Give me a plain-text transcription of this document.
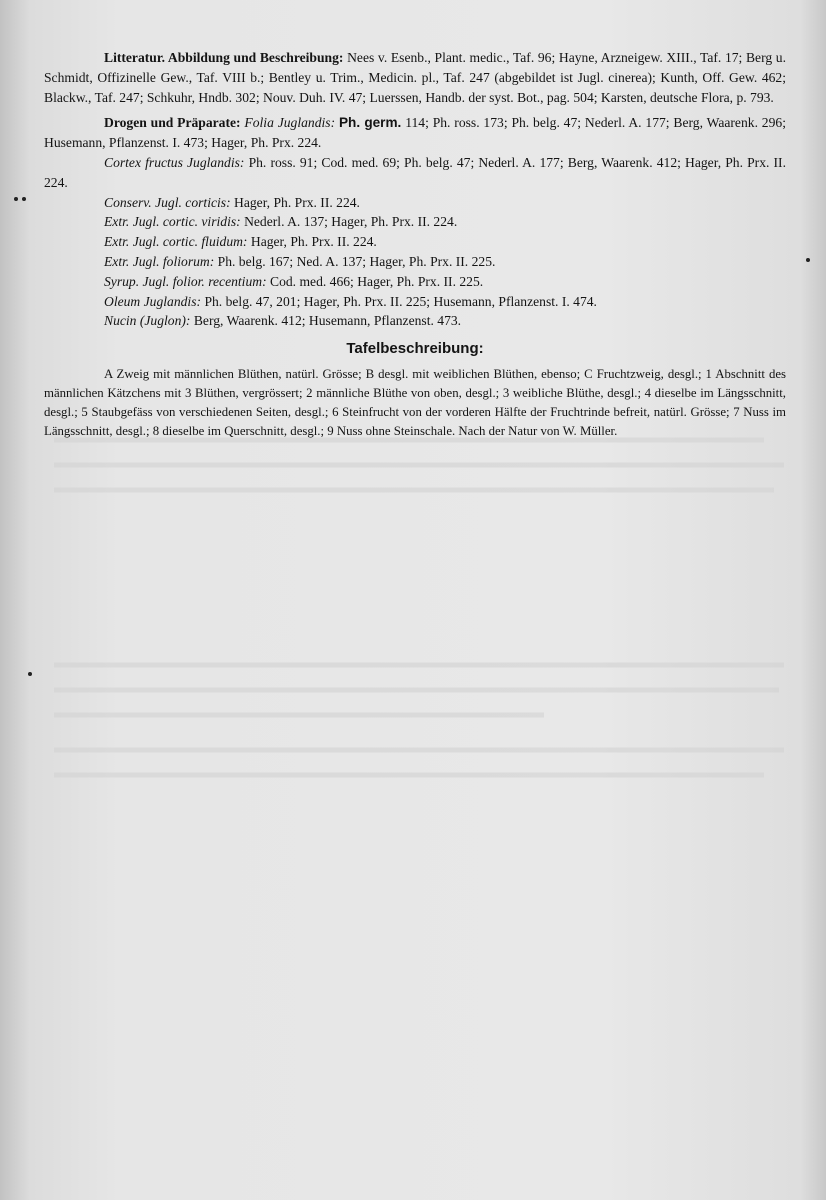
Litteratur. Abbildung und Beschreibung: Nees v. Esenb., Plant. medic., Taf. 96; Hayne, Arzneigew. XIII., Taf. 17; Berg u. Schmidt, Offizinelle Gew., Taf. VIII b.; Bentley u. Trim., Medicin. pl., Taf. 247 (abgebildet ist Jugl. cinerea); Kunth, Off. Gew. 462; Blackw., Taf. 247; Schkuhr, Hndb. 302; Nouv. Duh. IV. 47; Luerssen, Handb. der syst. Bot., pag. 504; Karsten, deutsche Flora, p. 793.

Drogen und Präparate: Folia Juglandis: Ph. germ. 114; Ph. ross. 173; Ph. belg. 47; Nederl. A. 177; Berg, Waarenk. 296; Husemann, Pflanzenst. I. 473; Hager, Ph. Prx. 224.

Cortex fructus Juglandis: Ph. ross. 91; Cod. med. 69; Ph. belg. 47; Nederl. A. 177; Berg, Waarenk. 412; Hager, Ph. Prx. II. 224.

Conserv. Jugl. corticis: Hager, Ph. Prx. II. 224.

Extr. Jugl. cortic. viridis: Nederl. A. 137; Hager, Ph. Prx. II. 224.

Extr. Jugl. cortic. fluidum: Hager, Ph. Prx. II. 224.

Extr. Jugl. foliorum: Ph. belg. 167; Ned. A. 137; Hager, Ph. Prx. II. 225.

Syrup. Jugl. folior. recentium: Cod. med. 466; Hager, Ph. Prx. II. 225.

Oleum Juglandis: Ph. belg. 47, 201; Hager, Ph. Prx. II. 225; Husemann, Pflanzenst. I. 474.

Nucin (Juglon): Berg, Waarenk. 412; Husemann, Pflanzenst. 473.

Tafelbeschreibung:

A Zweig mit männlichen Blüthen, natürl. Grösse; B desgl. mit weiblichen Blüthen, ebenso; C Fruchtzweig, desgl.; 1 Abschnitt des männlichen Kätzchens mit 3 Blüthen, vergrössert; 2 männliche Blüthe von oben, desgl.; 3 weibliche Blüthe, desgl.; 4 dieselbe im Längsschnitt, desgl.; 5 Staubgefäss von verschiedenen Seiten, desgl.; 6 Steinfrucht von der vorderen Hälfte der Fruchtrinde befreit, natürl. Grösse; 7 Nuss im Längsschnitt, desgl.; 8 dieselbe im Querschnitt, desgl.; 9 Nuss ohne Steinschale. Nach der Natur von W. Müller.
